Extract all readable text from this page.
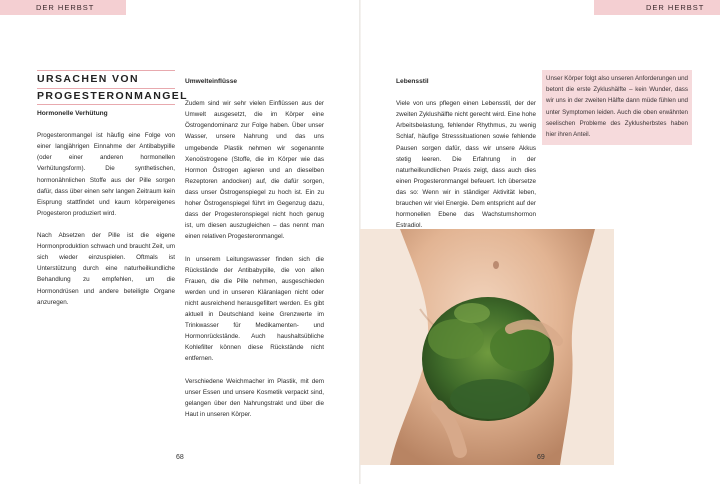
DER HERBST	DER HERBST
URSACHEN VON
PROGESTERONMANGEL

Hormonelle Verhütung

Progesteronmangel ist häufig eine Folge von einer langjährigen Einnahme der Antibabypille (oder einer anderen hormonellen Verhütungsform). Die synthetischen, hormonähnlichen Stoffe aus der Pille sorgen dafür, dass über einen sehr langen Zeitraum kein Eisprung stattfindet und kaum körpereigenes Progesteron produziert wird.

Nach Absetzen der Pille ist die eigene Hormonproduktion schwach und braucht Zeit, um sich wieder einzuspielen. Oftmals ist Unterstützung durch eine naturheilkundliche Behandlung zu empfehlen, um die Hormondrüsen und andere beteiligte Organe anzuregen.

Umwelteinflüsse

Zudem sind wir sehr vielen Einflüssen aus der Umwelt ausgesetzt, die im Körper eine Östrogendominanz zur Folge haben. Über unser Wasser, unsere Nahrung und das uns umgebende Plastik nehmen wir sogenannte Xenoöstrogene (Stoffe, die im Körper wie das Hormon Östrogen agieren und an dieselben Rezeptoren andocken) auf, die dafür sorgen, dass unser Östrogenspiegel zu hoch ist. Ein zu hoher Östrogenspiegel führt im Gegenzug dazu, dass der Progesteronspiegel nicht hoch genug ist, um diesen auszugleichen – das nennt man einen relativen Progesteronmangel.

In unserem Leitungswasser finden sich die Rückstände der Antibabypille, die von allen Frauen, die die Pille nehmen, ausgeschieden werden und in unseren Kläranlagen nicht oder nicht ausreichend herausgefiltert werden. Es gibt aktuell in Deutschland keine Grenzwerte im Trinkwasser für Medikamenten- und Hormonrückstände. Auch haushaltsübliche Kohlefilter können diese Rückstände nicht entfernen.

Verschiedene Weichmacher im Plastik, mit dem unser Essen und unsere Kosmetik verpackt sind, gelangen über den Nahrungstrakt und über die Haut in unseren Körper.

Lebensstil

Viele von uns pflegen einen Lebensstil, der der zweiten Zyklushälfte nicht gerecht wird. Eine hohe Arbeitsbelastung, fehlender Rhythmus, zu wenig Schlaf, häufige Stresssituationen sowie fehlende Pausen sorgen dafür, dass wir unsere Akkus stetig leeren. Die Erfahrung in der naturheilkundlichen Praxis zeigt, dass auch dies einen Progesteronmangel befeuert. Ich übersetze das so: Wenn wir in ständiger Aktivität leben, brauchen wir viel Energie. Dem entspricht auf der hormonellen Ebene das Wachstumshormon Estradiol.

Unser Körper folgt also unseren Anforderungen und betont die erste Zyklushälfte – kein Wunder, dass wir uns in der zweiten Hälfte dann müde fühlen und unter Symptomen leiden. Auch die oben erwähnten seelischen Probleme des Zyklusherbstes haben hier ihren Anteil.
68	69
